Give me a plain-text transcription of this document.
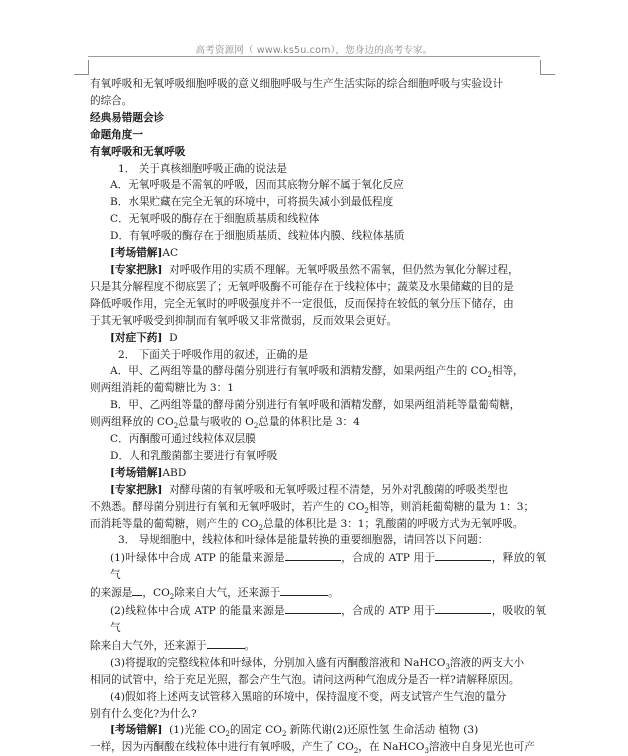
高考资源网（ www.ks5u.com），您身边的高考专家。

有氧呼吸和无氧呼吸细胞呼吸的意义细胞呼吸与生产生活实际的综合细胞呼吸与实验设计

的综合。

经典易错题会诊

命题角度一

有氧呼吸和无氧呼吸

1． 关于真核细胞呼吸正确的说法是

A．无氧呼吸是不需氧的呼吸，因而其底物分解不属于氧化反应

B．水果贮藏在完全无氧的环境中，可将损失减小到最低程度

C．无氧呼吸的酶存在于细胞质基质和线粒体

D．有氧呼吸的酶存在于细胞质基质、线粒体内膜、线粒体基质

[考场错解]AC

[专家把脉] 对呼吸作用的实质不理解。无氧呼吸虽然不需氧，但仍然为氧化分解过程，

只是其分解程度不彻底罢了；无氧呼吸酶不可能存在于线粒体中；蔬菜及水果储藏的目的是

降低呼吸作用，完全无氧时的呼吸强度并不一定很低，反而保持在较低的氧分压下储存，由

于其无氧呼吸受到抑制而有氧呼吸又非常微弱，反而效果会更好。

[对症下药] D

2． 下面关于呼吸作用的叙述，正确的是

A．甲、乙两组等量的酵母菌分别进行有氧呼吸和酒精发酵，如果两组产生的 $CO_2$相等，

则两组消耗的葡萄糖比为 3：1

B．甲、乙两组等量的酵母菌分别进行有氧呼吸和酒精发酵，如果两组消耗等量葡萄糖，

则两组释放的 $CO_2$总量与吸收的 $O_2$总量的体积比是 3：4

C．丙酮酸可通过线粒体双层膜

D．人和乳酸菌都主要进行有氧呼吸

[考场错解]ABD

[专家把脉] 对酵母菌的有氧呼吸和无氧呼吸过程不清楚，另外对乳酸菌的呼吸类型也

不熟悉。酵母菌分别进行有氧和无氧呼吸时，若产生的 $CO_2$相等，则消耗葡萄糖的量为 1：3；

而消耗等量的葡萄糖，则产生的 $CO_2$总量的体积比是 3：1；乳酸菌的呼吸方式为无氧呼吸。

3． 导规细胞中，线粒体和叶绿体是能量转换的重要细胞器，请回答以下问题：

(1)叶绿体中合成 ATP 的能量来源是	，合成的 ATP 用于	，释放的氧气

的来源是 ，$CO_2$除来自大气，还来源于	。

(2)线粒体中合成 ATP 的能量来源是	，合成的 ATP 用于	，吸收的氧气

除来自大气外，还来源于	。

(3)将提取的完整线粒体和叶绿体，分别加入盛有丙酮酸溶液和 NaHCO$_3$溶液的两支大小

相同的试管中，给于充足光照，都会产生气泡。请问这两种气泡成分是否一样?请解释原因。

(4)假如将上述两支试管移入黑暗的环境中，保持温度不变，两支试管产生气泡的量分

别有什么变化?为什么?

[考场错解] (1)光能 $CO_2$的固定 $CO_2$ 新陈代谢(2)还原性氢 生命活动 植物 (3)

一样，因为丙酮酸在线粒体中进行有氧呼吸，产生了 $CO_2$，在 NaHCO$_3$溶液中自身见光也可产
